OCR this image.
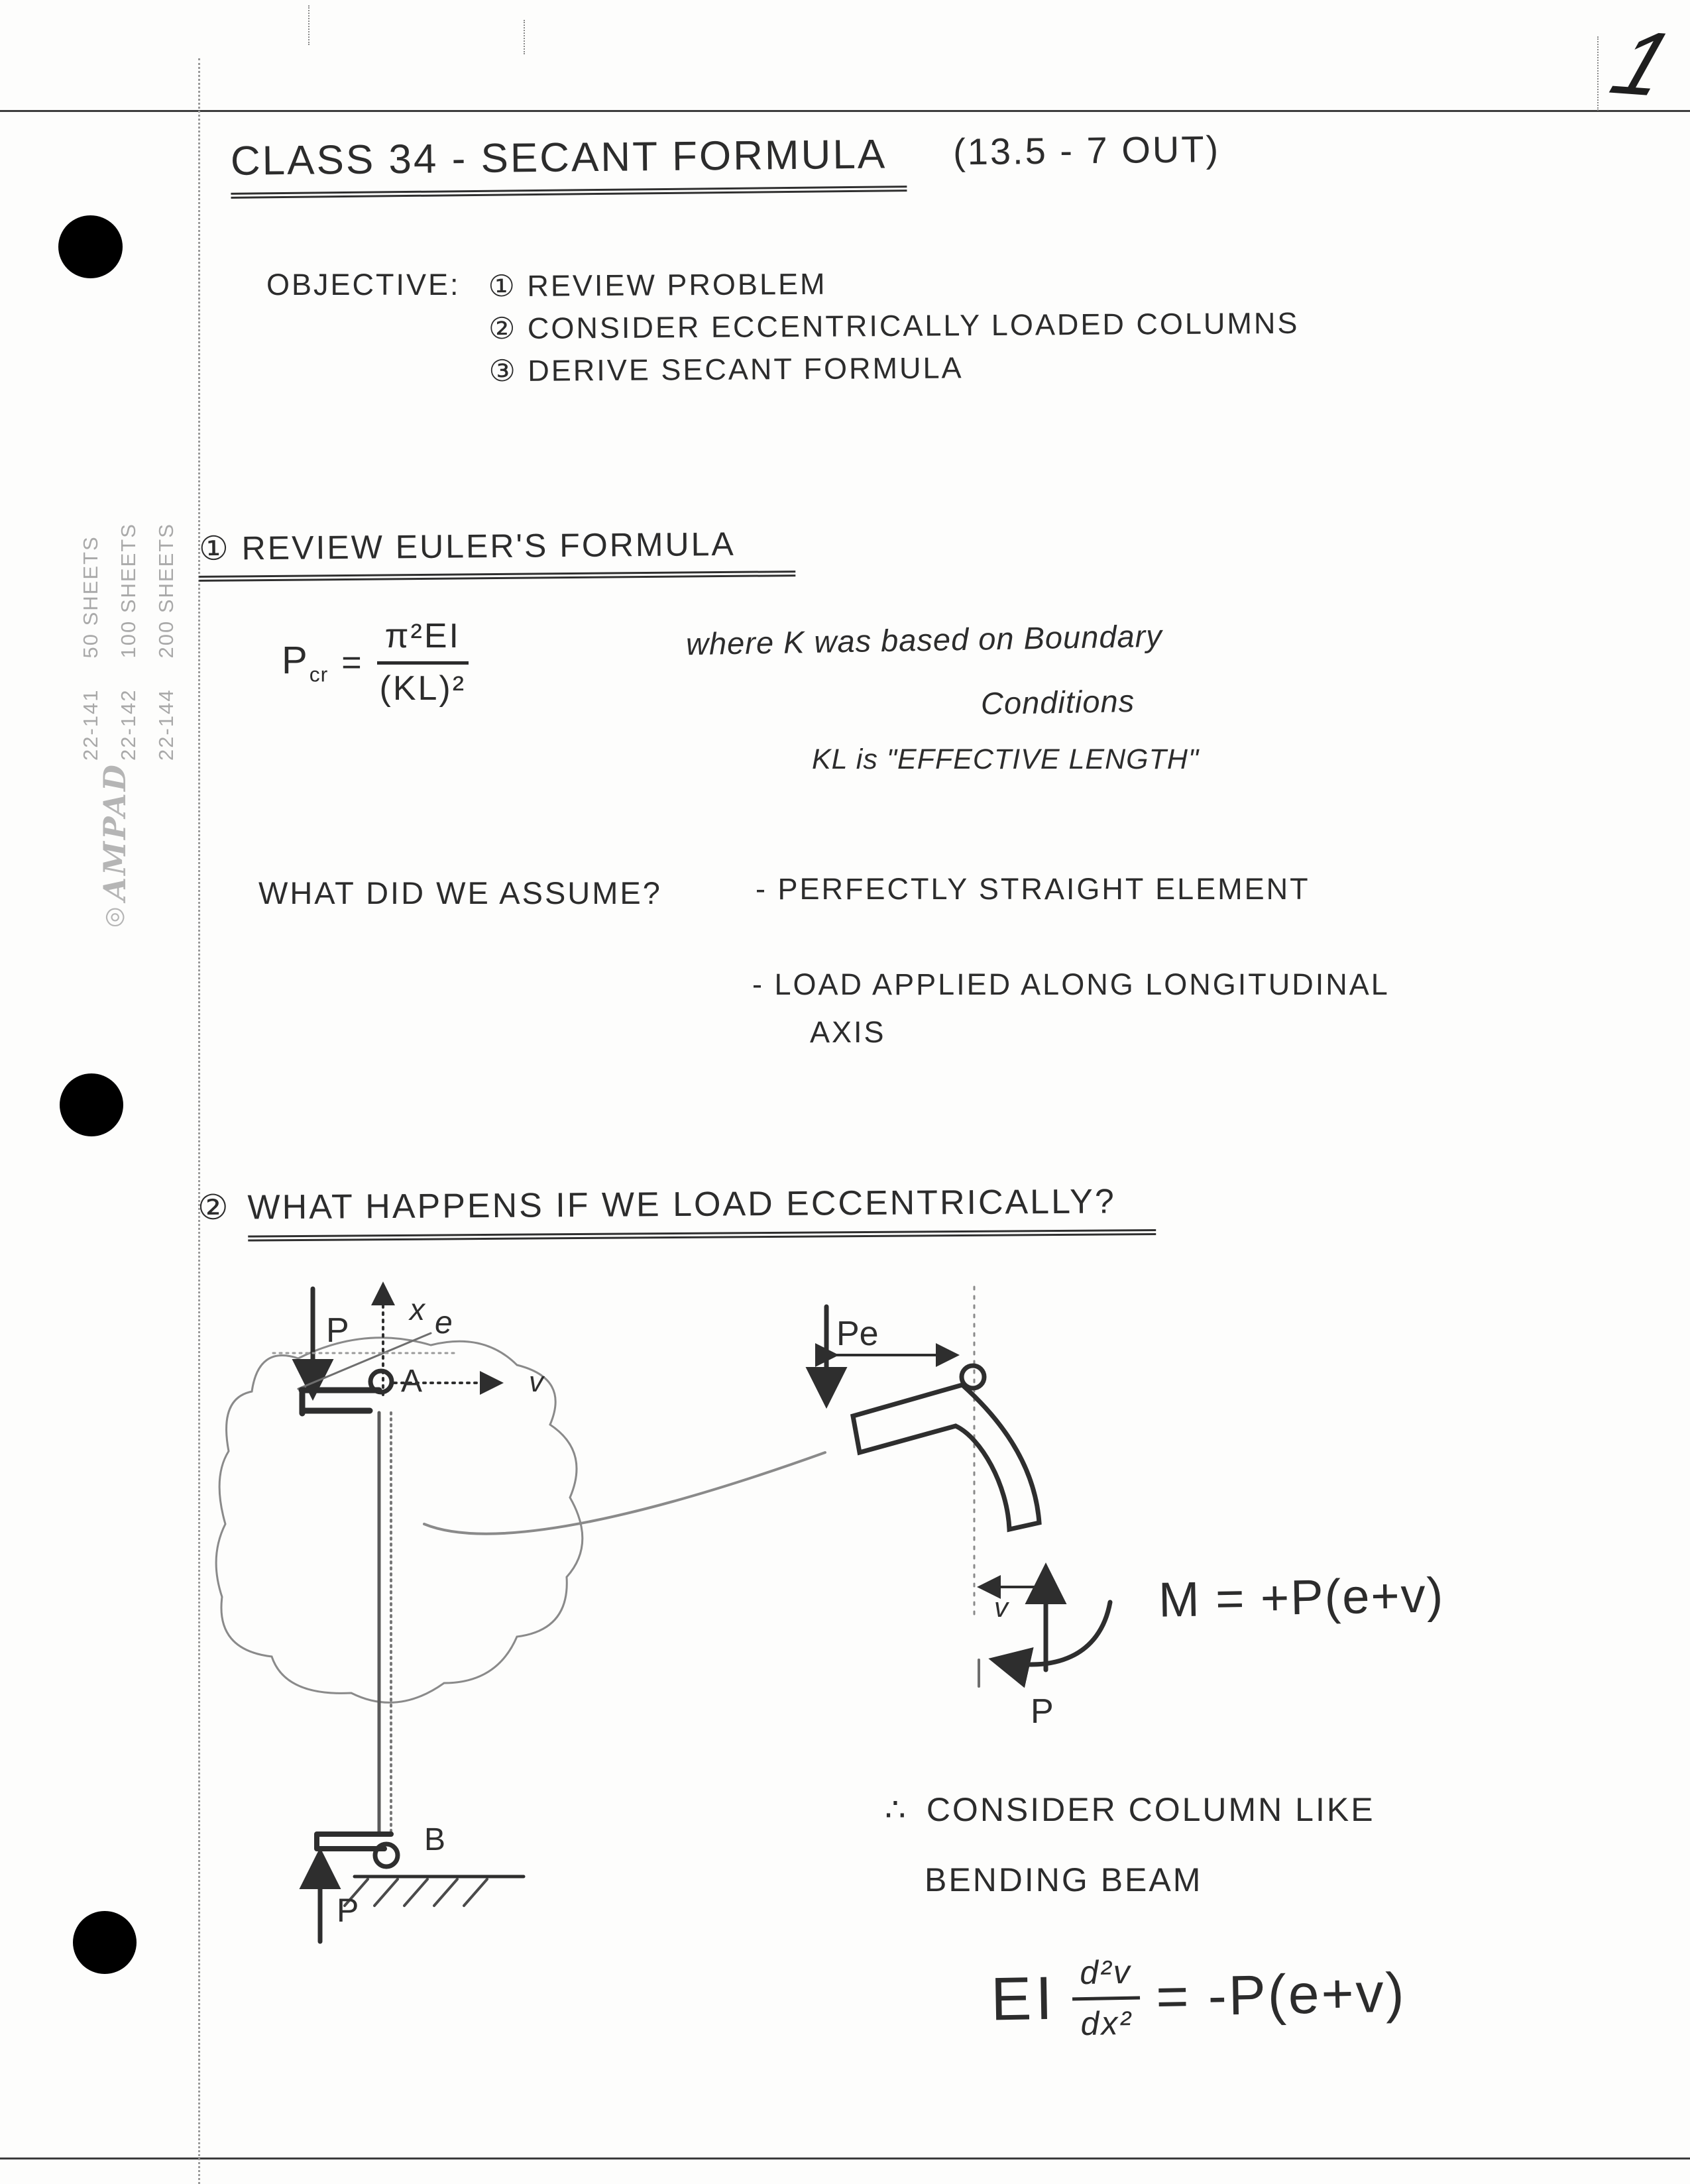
22-14150 SHEETS
22-142100 SHEETS
22-144200 SHEETS
◎AMPAD
1
CLASS 34 - SECANT FORMULA	(13.5 - 7 OUT)
OBJECTIVE: ① REVIEW PROBLEM
② CONSIDER ECCENTRICALLY LOADED COLUMNS
③ DERIVE SECANT FORMULA
① REVIEW EULER'S FORMULA
$P_{cr} = \frac{\text{π²EI}}{\text{(KL)²}}$	where K was based on Boundary
Conditions
KL is "EFFECTIVE LENGTH"
WHAT DID WE ASSUME?	- PERFECTLY STRAIGHT ELEMENT
- LOAD APPLIED ALONG LONGITUDINAL
AXIS
② WHAT HAPPENS IF WE LOAD ECCENTRICALLY?
x
P	e
A	v
B
P
Pe
v
P
M = +P(e+v)
∴ CONSIDER COLUMN LIKE
BENDING BEAM
EI $\frac{\text{d²v}}{\text{dx²}} = -P(e+v)$
